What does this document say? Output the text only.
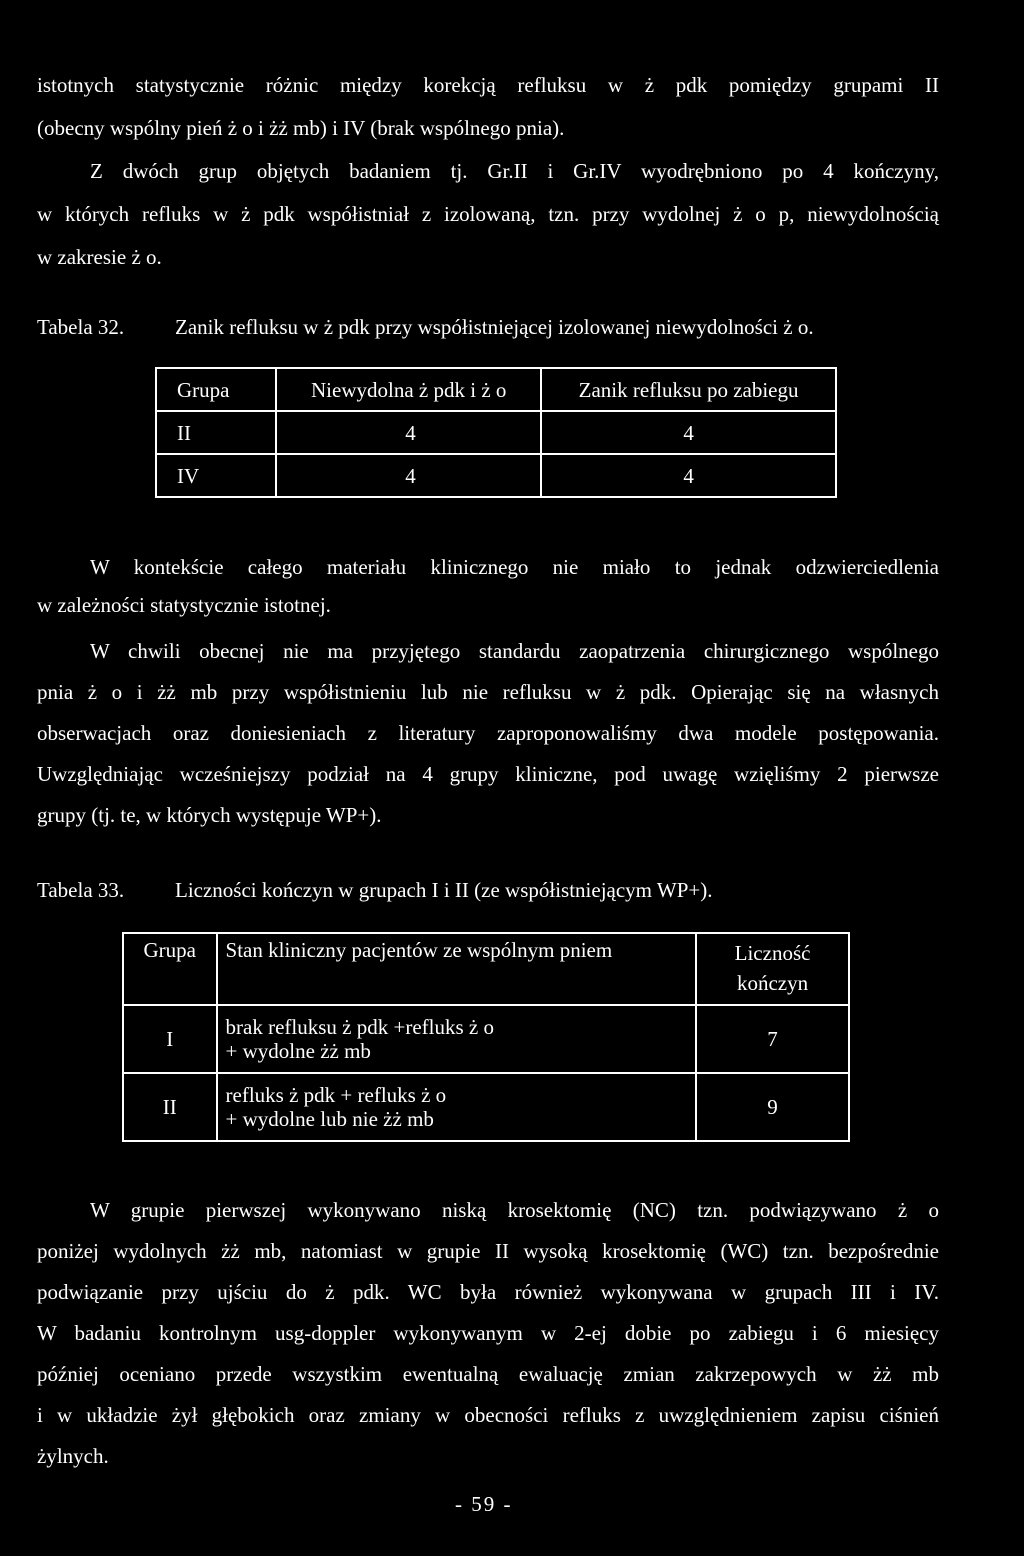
istotnych statystycznie różnic między korekcją refluksu w ż pdk pomiędzy grupami II
(obecny wspólny pień ż o i żż mb) i IV (brak wspólnego pnia).
Z dwóch grup objętych badaniem tj. Gr.II i Gr.IV wyodrębniono po 4 kończyny,
w których refluks w ż pdk współistniał z izolowaną, tzn. przy wydolnej ż o p, niewydolnością
w zakresie ż o.
Tabela 32. Zanik refluksu w ż pdk przy współistniejącej izolowanej niewydolności ż o.
Grupa	Niewydolna ż pdk i ż o	Zanik refluksu po zabiegu
II	4	4
IV	4	4
W kontekście całego materiału klinicznego nie miało to jednak odzwierciedlenia
w zależności statystycznie istotnej.
W chwili obecnej nie ma przyjętego standardu zaopatrzenia chirurgicznego wspólnego
pnia ż o i żż mb przy współistnieniu lub nie refluksu w ż pdk. Opierając się na własnych
obserwacjach oraz doniesieniach z literatury zaproponowaliśmy dwa modele postępowania.
Uwzględniając wcześniejszy podział na 4 grupy kliniczne, pod uwagę wzięliśmy 2 pierwsze
grupy (tj. te, w których występuje WP+).
Tabela 33. Liczności kończyn w grupach I i II (ze współistniejącym WP+).
Grupa	Stan kliniczny pacjentów ze wspólnym pniem	Liczność
kończyn

I	brak refluksu ż pdk +refluks ż o
+ wydolne żż mb	7
II	refluks ż pdk + refluks ż o
+ wydolne lub nie żż mb	9
W grupie pierwszej wykonywano niską krosektomię (NC) tzn. podwiązywano ż o
poniżej wydolnych żż mb, natomiast w grupie II wysoką krosektomię (WC) tzn. bezpośrednie
podwiązanie przy ujściu do ż pdk. WC była również wykonywana w grupach III i IV.
W badaniu kontrolnym usg-doppler wykonywanym w 2-ej dobie po zabiegu i 6 miesięcy
później oceniano przede wszystkim ewentualną ewaluację zmian zakrzepowych w żż mb
i w układzie żył głębokich oraz zmiany w obecności refluks z uwzględnieniem zapisu ciśnień
żylnych.
- 59 -
